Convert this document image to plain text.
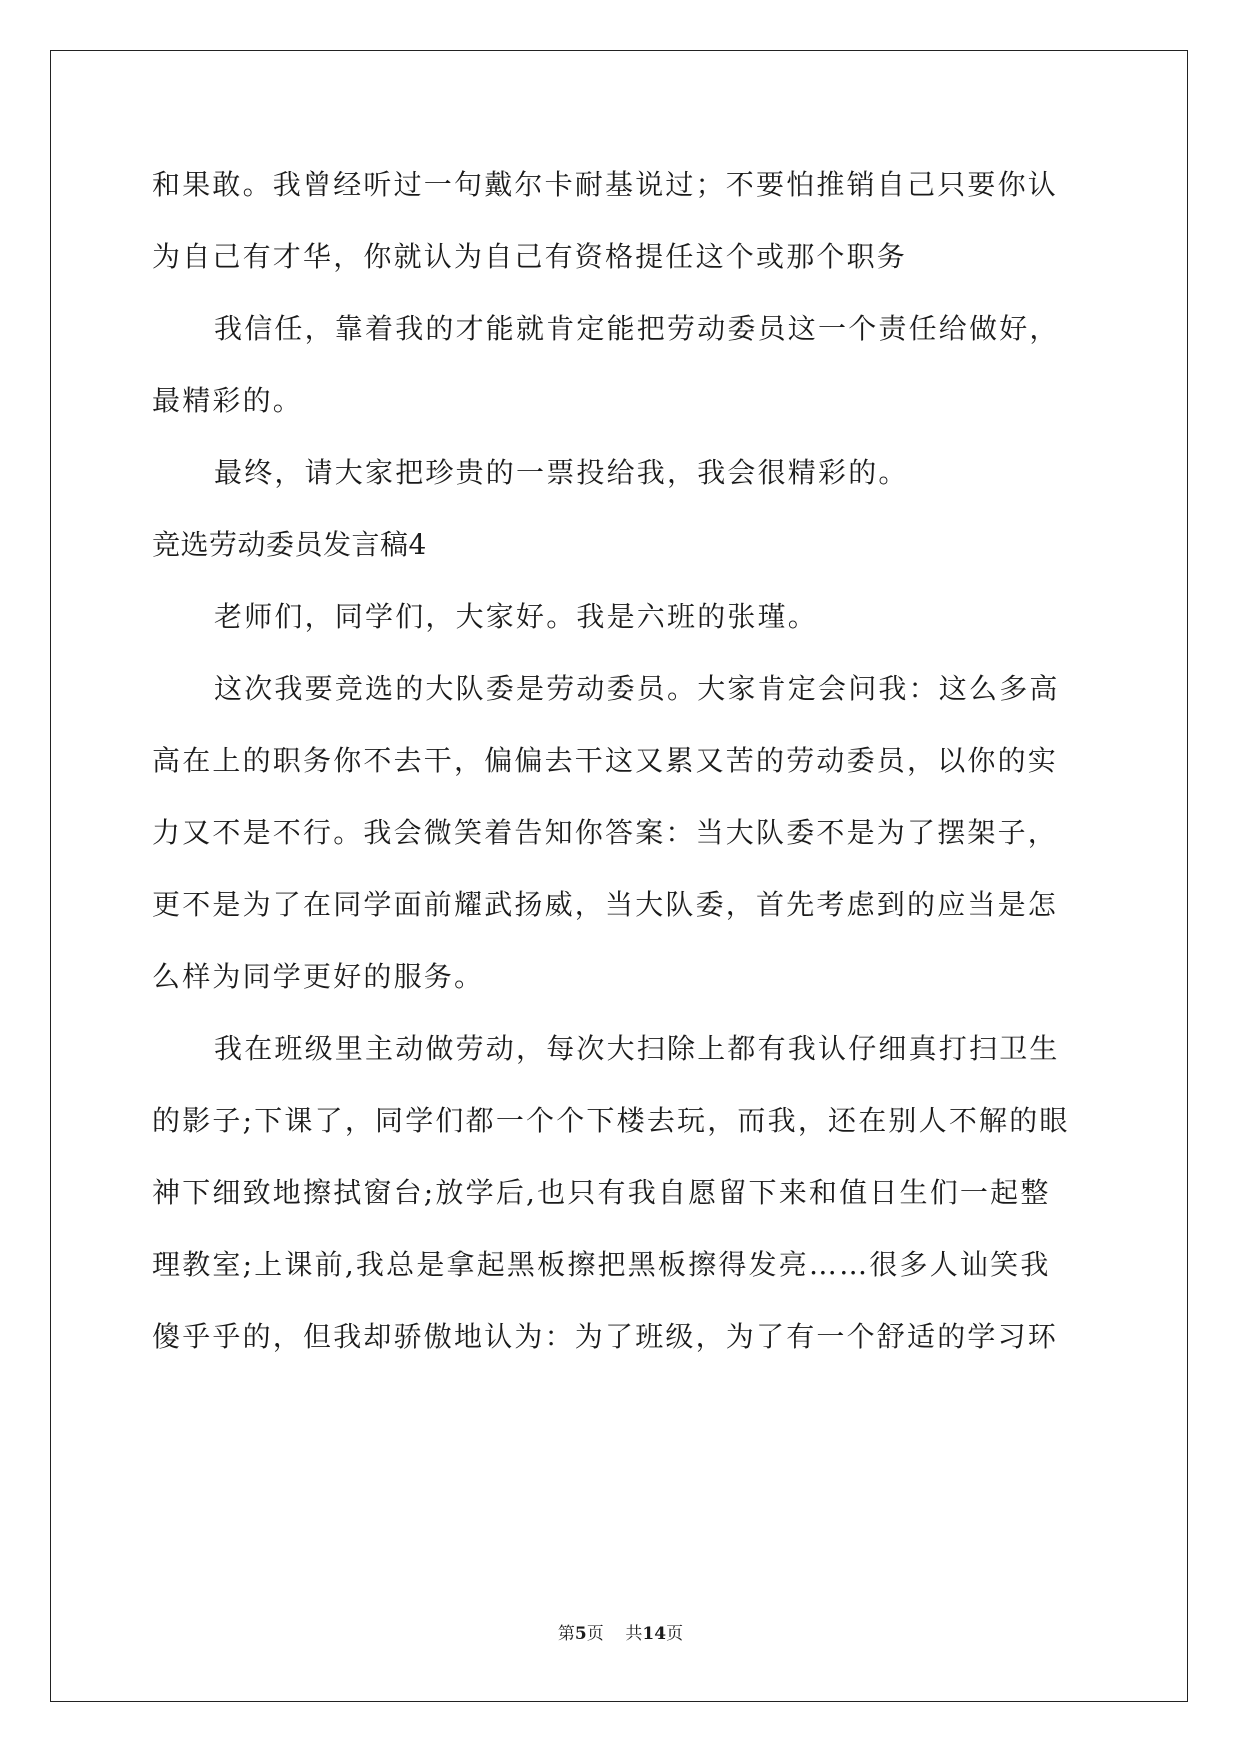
和果敢。我曾经听过一句戴尔卡耐基说过；不要怕推销自己只要你认
为自己有才华，你就认为自己有资格提任这个或那个职务
我信任，靠着我的才能就肯定能把劳动委员这一个责任给做好，
最精彩的。
最终，请大家把珍贵的一票投给我，我会很精彩的。
竞选劳动委员发言稿4
老师们，同学们，大家好。我是六班的张瑾。
这次我要竞选的大队委是劳动委员。大家肯定会问我：这么多高
高在上的职务你不去干，偏偏去干这又累又苦的劳动委员，以你的实
力又不是不行。我会微笑着告知你答案：当大队委不是为了摆架子，
更不是为了在同学面前耀武扬威，当大队委，首先考虑到的应当是怎
么样为同学更好的服务。
我在班级里主动做劳动，每次大扫除上都有我认仔细真打扫卫生
的影子;下课了，同学们都一个个下楼去玩，而我，还在别人不解的眼
神下细致地擦拭窗台;放学后,也只有我自愿留下来和值日生们一起整
理教室;上课前,我总是拿起黑板擦把黑板擦得发亮……很多人讪笑我
傻乎乎的，但我却骄傲地认为：为了班级，为了有一个舒适的学习环
第5页 共14页
